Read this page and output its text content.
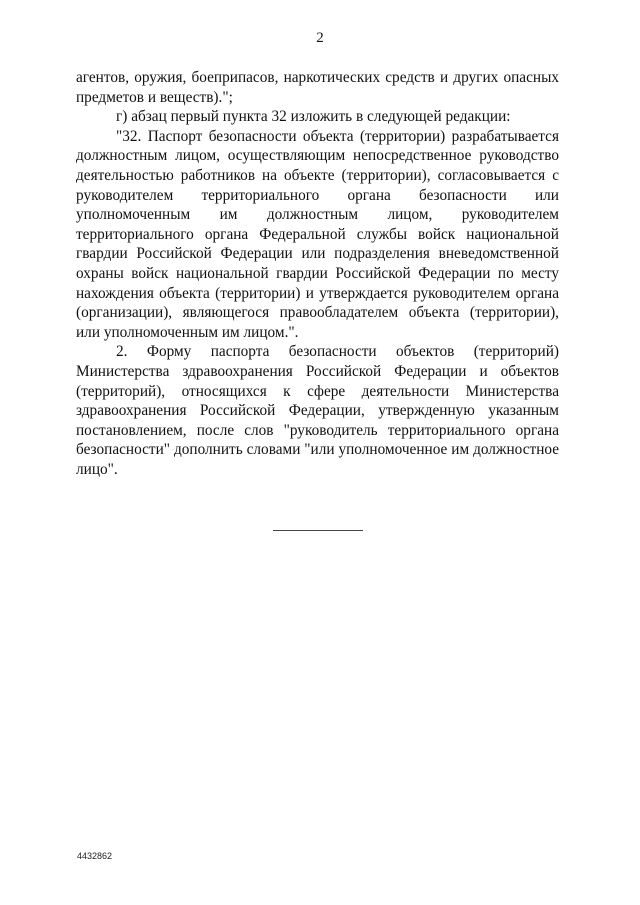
2

агентов, оружия, боеприпасов, наркотических средств и других опасных предметов и веществ).";

г) абзац первый пункта 32 изложить в следующей редакции:

"32. Паспорт безопасности объекта (территории) разрабатывается должностным лицом, осуществляющим непосредственное руководство деятельностью работников на объекте (территории), согласовывается с руководителем территориального органа безопасности или уполномоченным им должностным лицом, руководителем территориального органа Федеральной службы войск национальной гвардии Российской Федерации или подразделения вневедомственной охраны войск национальной гвардии Российской Федерации по месту нахождения объекта (территории) и утверждается руководителем органа (организации), являющегося правообладателем объекта (территории), или уполномоченным им лицом.".

2. Форму паспорта безопасности объектов (территорий) Министерства здравоохранения Российской Федерации и объектов (территорий), относящихся к сфере деятельности Министерства здравоохранения Российской Федерации, утвержденную указанным постановлением, после слов "руководитель территориального органа безопасности" дополнить словами "или уполномоченное им должностное лицо".

4432862
